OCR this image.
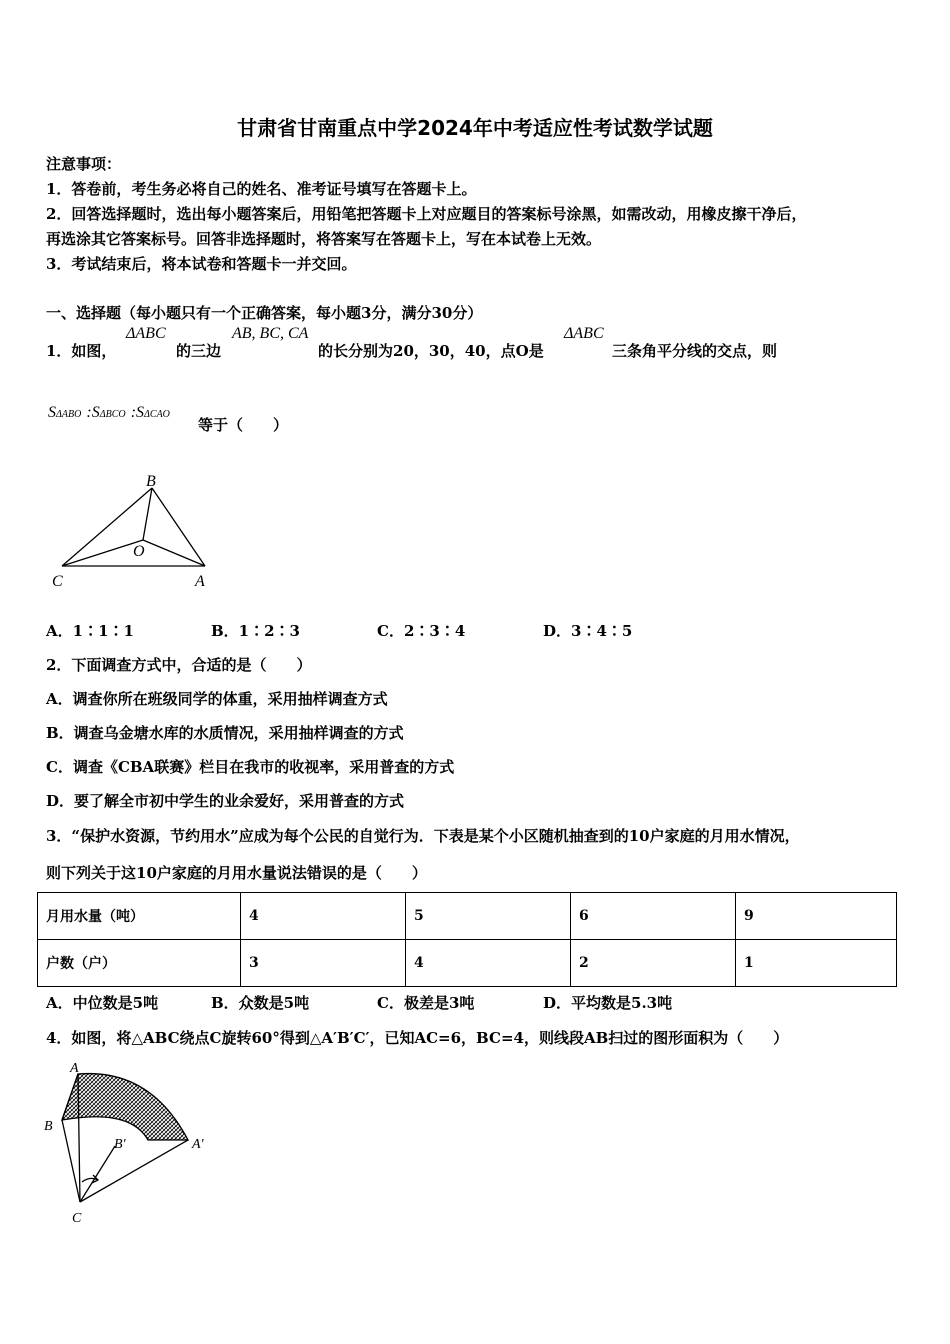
甘肃省甘南重点中学2024年中考适应性考试数学试题
注意事项：
1．答卷前，考生务必将自己的姓名、准考证号填写在答题卡上。
2．回答选择题时，选出每小题答案后，用铅笔把答题卡上对应题目的答案标号涂黑，如需改动，用橡皮擦干净后，
再选涂其它答案标号。回答非选择题时，将答案写在答题卡上，写在本试卷上无效。
3．考试结束后，将本试卷和答题卡一并交回。
一、选择题（每小题只有一个正确答案，每小题3分，满分30分）
1．如图，
ΔABC
的三边
AB, BC, CA
的长分别为20，30，40，点O是
ΔABC
三条角平分线的交点，则
SΔABO :SΔBCO :SΔCAO
等于（　　）
B
O
C	A
A．1∶1∶1	B．1∶2∶3	C．2∶3∶4	D．3∶4∶5
2．下面调查方式中，合适的是（　　）
A．调查你所在班级同学的体重，采用抽样调查方式
B．调查乌金塘水库的水质情况，采用抽样调查的方式
C．调查《CBA联赛》栏目在我市的收视率，采用普查的方式
D．要了解全市初中学生的业余爱好，采用普查的方式
3．“保护水资源，节约用水”应成为每个公民的自觉行为．下表是某个小区随机抽查到的10户家庭的月用水情况，
则下列关于这10户家庭的月用水量说法错误的是（　　）
月用水量（吨）	4	5	6	9
户数（户）	3	4	2	1
A．中位数是5吨	B．众数是5吨	C．极差是3吨	D．平均数是5.3吨
4．如图，将△ABC绕点C旋转60°得到△A′B′C′，已知AC=6，BC=4，则线段AB扫过的图形面积为（　　）
A
B
B′	A′
C
